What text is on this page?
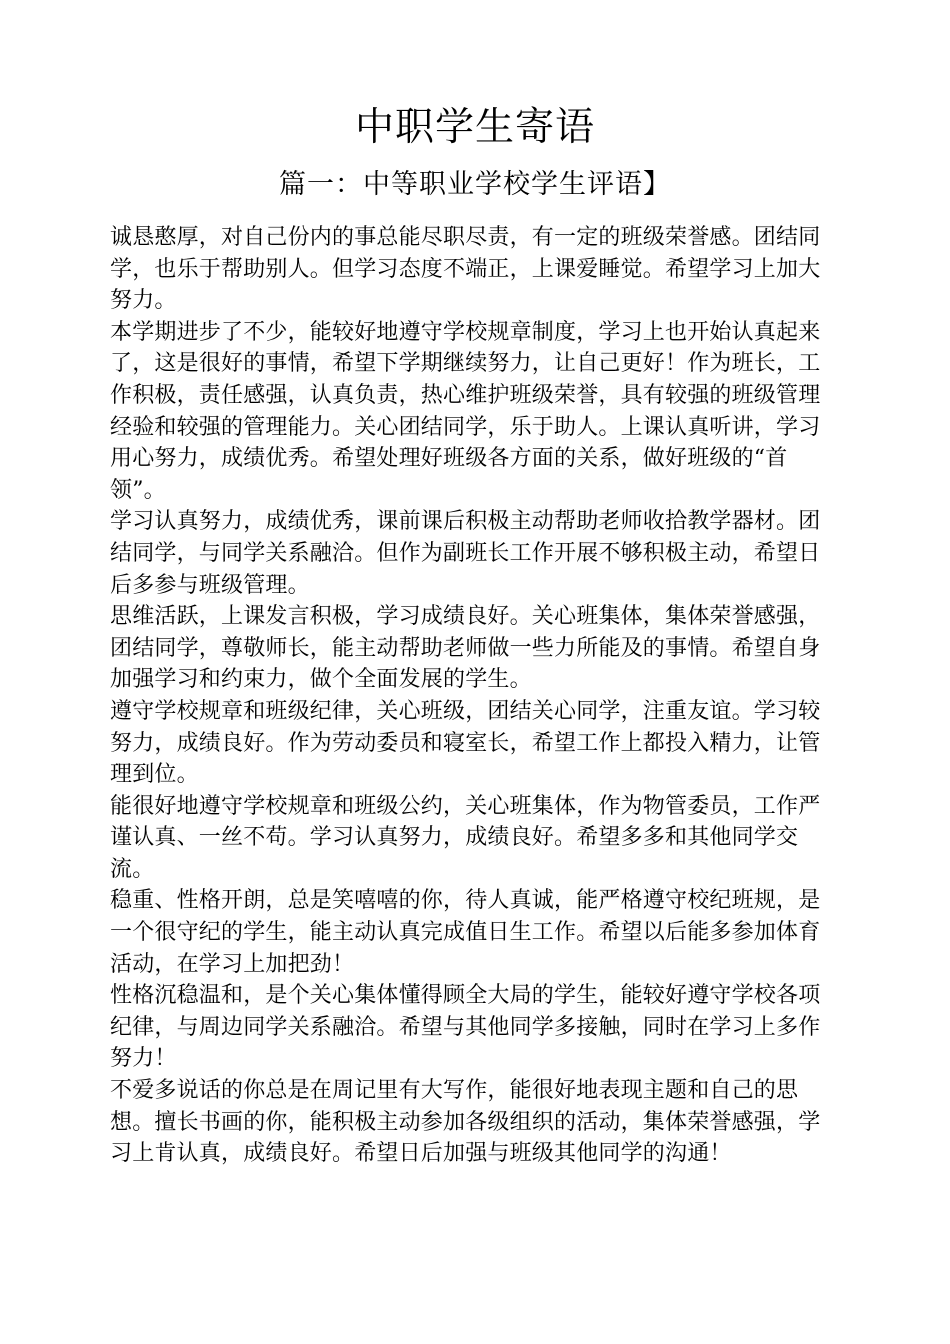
中职学生寄语
篇一：中等职业学校学生评语】

诚恳憨厚，对自己份内的事总能尽职尽责，有一定的班级荣誉感。团结同学，也乐于帮助别人。但学习态度不端正，上课爱睡觉。希望学习上加大努力。

本学期进步了不少，能较好地遵守学校规章制度，学习上也开始认真起来了，这是很好的事情，希望下学期继续努力，让自己更好！作为班长，工作积极，责任感强，认真负责，热心维护班级荣誉，具有较强的班级管理经验和较强的管理能力。关心团结同学，乐于助人。上课认真听讲，学习用心努力，成绩优秀。希望处理好班级各方面的关系，做好班级的“首领”。

学习认真努力，成绩优秀，课前课后积极主动帮助老师收拾教学器材。团结同学，与同学关系融洽。但作为副班长工作开展不够积极主动，希望日后多参与班级管理。

思维活跃，上课发言积极，学习成绩良好。关心班集体，集体荣誉感强，团结同学，尊敬师长，能主动帮助老师做一些力所能及的事情。希望自身加强学习和约束力，做个全面发展的学生。

遵守学校规章和班级纪律，关心班级，团结关心同学，注重友谊。学习较努力，成绩良好。作为劳动委员和寝室长，希望工作上都投入精力，让管理到位。

能很好地遵守学校规章和班级公约，关心班集体，作为物管委员，工作严谨认真、一丝不苟。学习认真努力，成绩良好。希望多多和其他同学交流。

稳重、性格开朗，总是笑嘻嘻的你，待人真诚，能严格遵守校纪班规，是一个很守纪的学生，能主动认真完成值日生工作。希望以后能多参加体育活动，在学习上加把劲！

性格沉稳温和，是个关心集体懂得顾全大局的学生，能较好遵守学校各项纪律，与周边同学关系融洽。希望与其他同学多接触，同时在学习上多作努力！

不爱多说话的你总是在周记里有大写作，能很好地表现主题和自己的思想。擅长书画的你，能积极主动参加各级组织的活动，集体荣誉感强，学习上肯认真，成绩良好。希望日后加强与班级其他同学的沟通！
